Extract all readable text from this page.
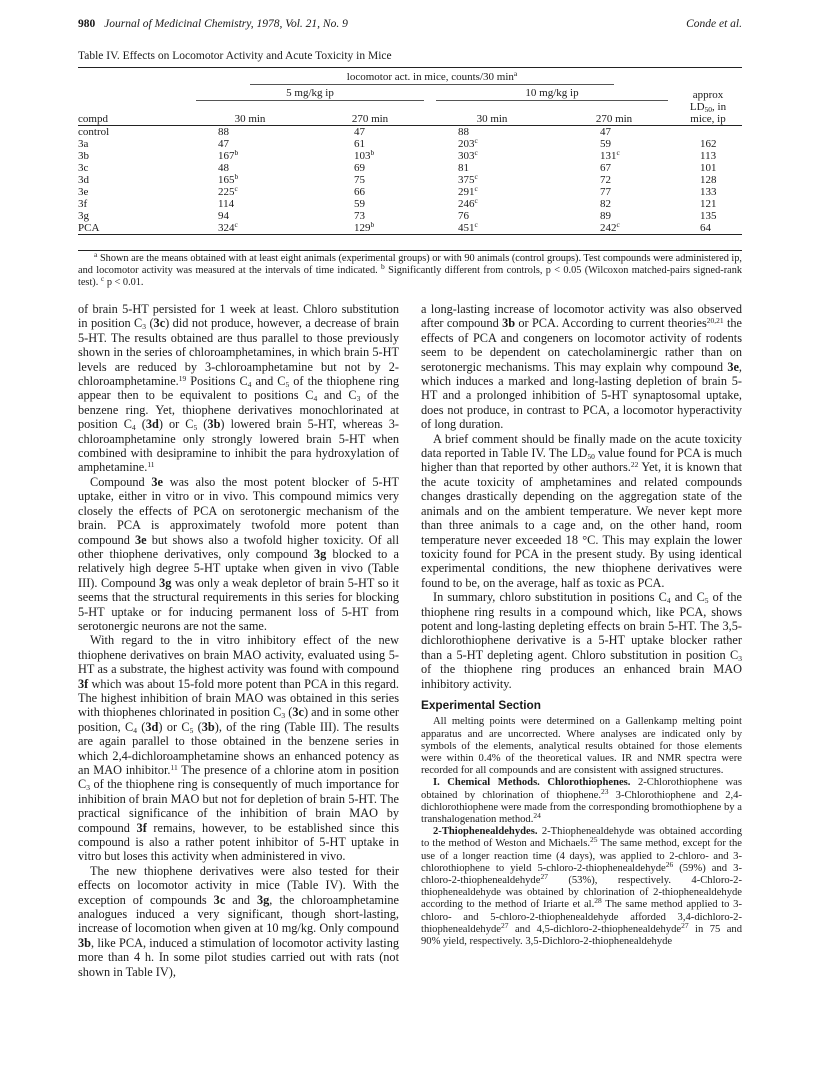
980 Journal of Medicinal Chemistry, 1978, Vol. 21, No. 9	Conde et al.
Table IV. Effects on Locomotor Activity and Acute Toxicity in Mice
	locomotor act. in mice, counts/30 $\min^a$

	5 mg/kg ip		10 mg/kg ip		approx
					$LD_{50}$, in
compd	30 min	270 min	30 min	270 min	mice, ip
control	88	47	88	47	
3a	47	61	203$^c$	59	162
3b	167$^b$	103$^b$	303$^c$	131$^c$	113
3c	48	69	81	67	101
3d	165$^b$	75	375$^c$	72	128
3e	225$^c$	66	291$^c$	77	133
3f	114	59	246$^c$	82	121
3g	94	73	76	89	135
PCA	324$^c$	129$^b$	451$^c$	242$^c$	64

$^a$ Shown are the means obtained with at least eight animals (experimental groups) or with 90 animals (control groups). Test compounds were administered ip, and locomotor activity was measured at the intervals of time indicated. $^b$ Significantly different from controls, p < 0.05 (Wilcoxon matched-pairs signed-rank test). $^c$ p < 0.01.

of brain 5-HT persisted for 1 week at least. Chloro substitution in position $C_3$ (3c) did not produce, however, a decrease of brain 5-HT. The results obtained are thus parallel to those previously shown in the series of chloroamphetamines, in which brain 5-HT levels are reduced by 3-chloroamphetamine but not by 2-chloroamphetamine.$^{19}$ Positions $C_4$ and $C_5$ of the thiophene ring appear then to be equivalent to positions $C_4$ and $C_3$ of the benzene ring. Yet, thiophene derivatives monochlorinated at position $C_4$ (3d) or $C_5$ (3b) lowered brain 5-HT, whereas 3-chloroamphetamine only strongly lowered brain 5-HT when combined with desipramine to inhibit the para hydroxylation of amphetamine.$^{11}$

Compound 3e was also the most potent blocker of 5-HT uptake, either in vitro or in vivo. This compound mimics very closely the effects of PCA on serotonergic mechanism of the brain. PCA is approximately twofold more potent than compound 3e but shows also a twofold higher toxicity. Of all other thiophene derivatives, only compound 3g blocked to a relatively high degree 5-HT uptake when given in vivo (Table III). Compound 3g was only a weak depletor of brain 5-HT so it seems that the structural requirements in this series for blocking 5-HT uptake or for inducing permanent loss of 5-HT from serotonergic neurons are not the same.

With regard to the in vitro inhibitory effect of the new thiophene derivatives on brain MAO activity, evaluated using 5-HT as a substrate, the highest activity was found with compound 3f which was about 15-fold more potent than PCA in this regard. The highest inhibition of brain MAO was obtained in this series with thiophenes chlorinated in position $C_3$ (3c) and in some other position, $C_4$ (3d) or $C_5$ (3b), of the ring (Table III). The results are again parallel to those obtained in the benzene series in which 2,4-dichloroamphetamine shows an enhanced potency as an MAO inhibitor.$^{11}$ The presence of a chlorine atom in position $C_3$ of the thiophene ring is consequently of much importance for inhibition of brain MAO but not for depletion of brain 5-HT. The practical significance of the inhibition of brain MAO by compound 3f remains, however, to be established since this compound is also a rather potent inhibitor of 5-HT uptake in vitro but loses this activity when administered in vivo.

The new thiophene derivatives were also tested for their effects on locomotor activity in mice (Table IV). With the exception of compounds 3c and 3g, the chloroamphetamine analogues induced a very significant, though short-lasting, increase of locomotion when given at 10 mg/kg. Only compound 3b, like PCA, induced a stimulation of locomotor activity lasting more than 4 h. In some pilot studies carried out with rats (not shown in Table IV),

a long-lasting increase of locomotor activity was also observed after compound 3b or PCA. According to current theories$^{20,21}$ the effects of PCA and congeners on locomotor activity of rodents seem to be dependent on catecholaminergic rather than on serotonergic mechanisms. This may explain why compound 3e, which induces a marked and long-lasting depletion of brain 5-HT and a prolonged inhibition of 5-HT synaptosomal uptake, does not produce, in contrast to PCA, a locomotor hyperactivity of long duration.

A brief comment should be finally made on the acute toxicity data reported in Table IV. The $LD_{50}$ value found for PCA is much higher than that reported by other authors.$^{22}$ Yet, it is known that the acute toxicity of amphetamines and related compounds changes drastically depending on the aggregation state of the animals and on the ambient temperature. We never kept more than three animals to a cage and, on the other hand, room temperature never exceeded 18 °C. This may explain the lower toxicity found for PCA in the present study. By using identical experimental conditions, the new thiophene derivatives were found to be, on the average, half as toxic as PCA.

In summary, chloro substitution in positions $C_4$ and $C_5$ of the thiophene ring results in a compound which, like PCA, shows potent and long-lasting depleting effects on brain 5-HT. The 3,5-dichlorothiophene derivative is a 5-HT uptake blocker rather than a 5-HT depleting agent. Chloro substitution in position $C_3$ of the thiophene ring produces an enhanced brain MAO inhibitory activity.

Experimental Section

All melting points were determined on a Gallenkamp melting point apparatus and are uncorrected. Where analyses are indicated only by symbols of the elements, analytical results obtained for those elements were within 0.4% of the theoretical values. IR and NMR spectra were recorded for all compounds and are consistent with assigned structures.

I. Chemical Methods. Chlorothiophenes. 2-Chlorothiophene was obtained by chlorination of thiophene.$^{23}$ 3-Chlorothiophene and 2,4-dichlorothiophene were made from the corresponding bromothiophene by a transhalogenation method.$^{24}$

2-Thiophenealdehydes. 2-Thiophenealdehyde was obtained according to the method of Weston and Michaels.$^{25}$ The same method, except for the use of a longer reaction time (4 days), was applied to 2-chloro- and 3-chlorothiophene to yield 5-chloro-2-thiophenealdehyde$^{26}$ (59%) and 3-chloro-2-thiophenealdehyde$^{27}$ (53%), respectively. 4-Chloro-2-thiophenealdehyde was obtained by chlorination of 2-thiophenealdehyde according to the method of Iriarte et al.$^{28}$ The same method applied to 3-chloro- and 5-chloro-2-thiophenealdehyde afforded 3,4-dichloro-2-thiophenealdehyde$^{27}$ and 4,5-dichloro-2-thiophenealdehyde$^{27}$ in 75 and 90% yield, respectively. 3,5-Dichloro-2-thiophenealdehyde
